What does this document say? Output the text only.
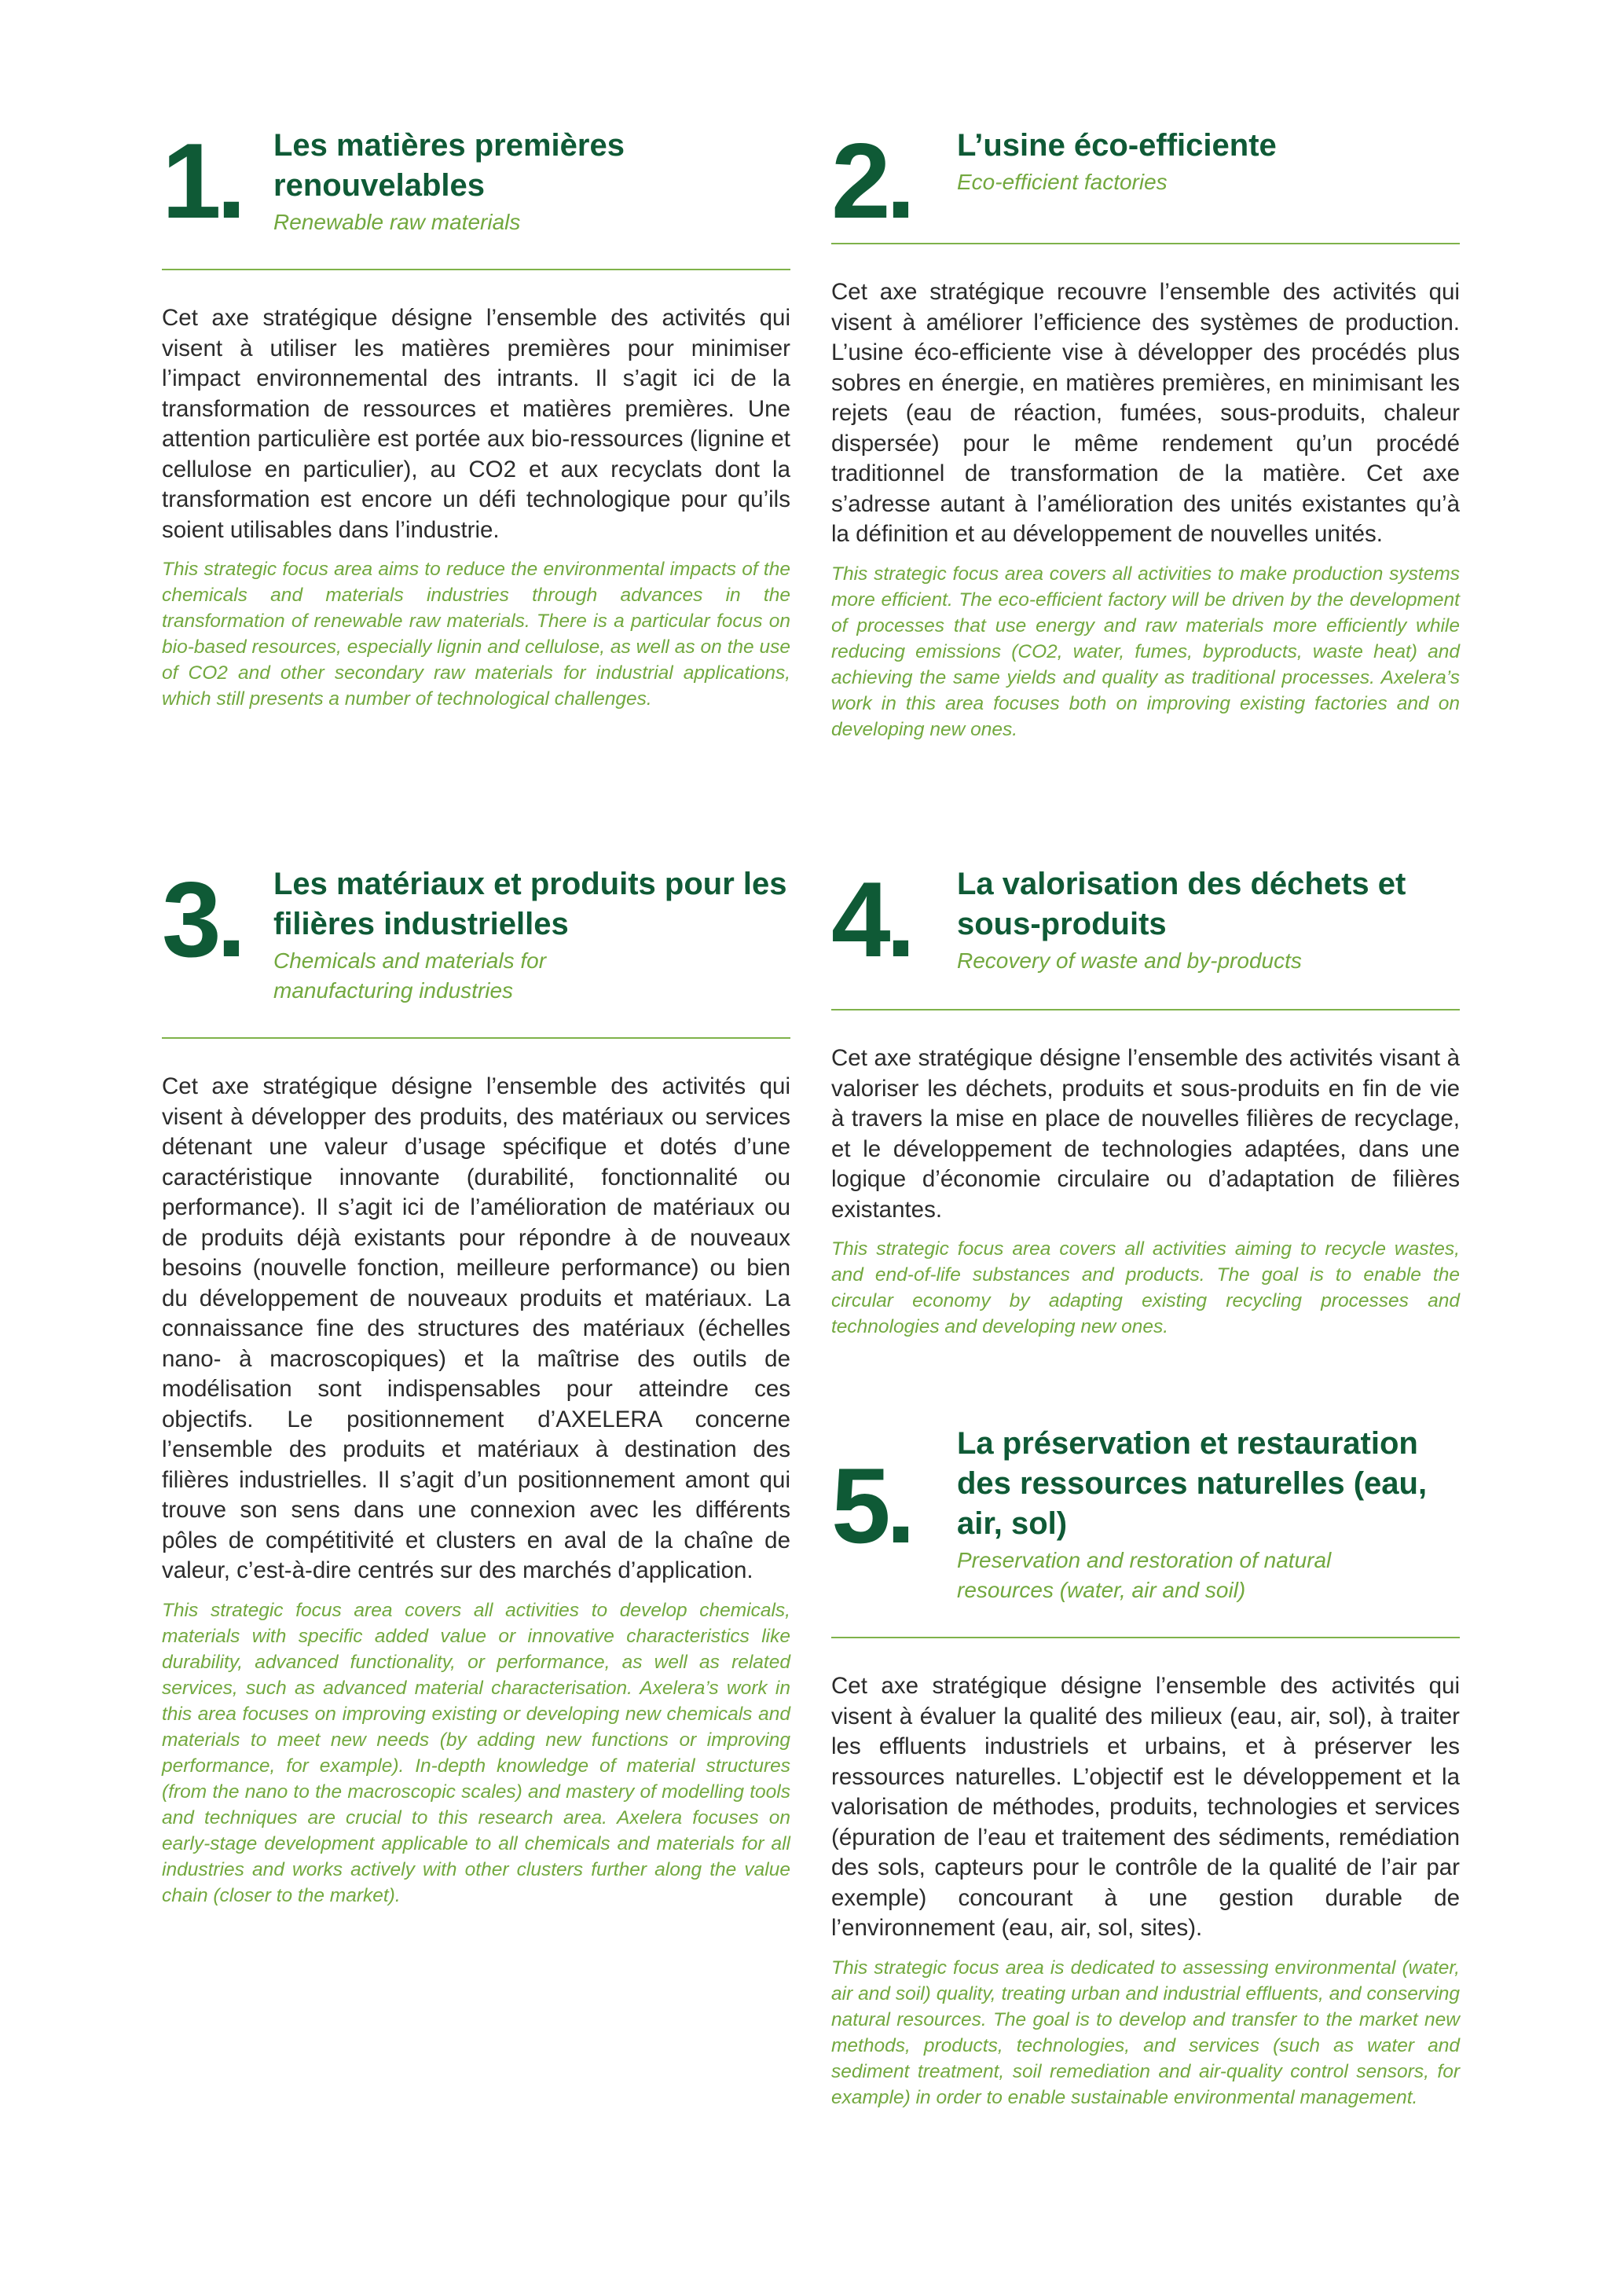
1. Les matières premières renouvelables
Renewable raw materials
Cet axe stratégique désigne l’ensemble des activités qui visent à utiliser les matières premières pour minimiser l’impact environnemental des intrants. Il s’agit ici de la transformation de ressources et matières premières. Une attention particulière est portée aux bio-ressources (lignine et cellulose en particulier), au CO2 et aux recyclats dont la transformation est encore un défi technologique pour qu’ils soient utilisables dans l’industrie.
This strategic focus area aims to reduce the environmental impacts of the chemicals and materials industries through advances in the transformation of renewable raw materials. There is a particular focus on bio-based resources, especially lignin and cellulose, as well as on the use of CO2 and other secondary raw materials for industrial applications, which still presents a number of technological challenges.
2. L’usine éco-efficiente
Eco-efficient factories
Cet axe stratégique recouvre l’ensemble des activités qui visent à améliorer l’efficience des systèmes de production. L’usine éco-efficiente vise à développer des procédés plus sobres en énergie, en matières premières, en minimisant les rejets (eau de réaction, fumées, sous-produits, chaleur dispersée) pour le même rendement qu’un procédé traditionnel de transformation de la matière. Cet axe s’adresse autant à l’amélioration des unités existantes qu’à la définition et au développement de nouvelles unités.
This strategic focus area covers all activities to make production systems more efficient. The eco-efficient factory will be driven by the development of processes that use energy and raw materials more efficiently while reducing emissions (CO2, water, fumes, byproducts, waste heat) and achieving the same yields and quality as traditional processes. Axelera’s work in this area focuses both on improving existing factories and on developing new ones.
3. Les matériaux et produits pour les filières industrielles
Chemicals and materials for manufacturing industries
Cet axe stratégique désigne l’ensemble des activités qui visent à développer des produits, des matériaux ou services détenant une valeur d’usage spécifique et dotés d’une caractéristique innovante (durabilité, fonctionnalité ou performance). Il s’agit ici de l’amélioration de matériaux ou de produits déjà existants pour répondre à de nouveaux besoins (nouvelle fonction, meilleure performance) ou bien du développement de nouveaux produits et matériaux. La connaissance fine des structures des matériaux (échelles nano- à macroscopiques) et la maîtrise des outils de modélisation sont indispensables pour atteindre ces objectifs. Le positionnement d’AXELERA concerne l’ensemble des produits et matériaux à destination des filières industrielles. Il s’agit d’un positionnement amont qui trouve son sens dans une connexion avec les différents pôles de compétitivité et clusters en aval de la chaîne de valeur, c’est-à-dire centrés sur des marchés d’application.
This strategic focus area covers all activities to develop chemicals, materials with specific added value or innovative characteristics like durability, advanced functionality, or performance, as well as related services, such as advanced material characterisation. Axelera’s work in this area focuses on improving existing or developing new chemicals and materials to meet new needs (by adding new functions or improving performance, for example). In-depth knowledge of material structures (from the nano to the macroscopic scales) and mastery of modelling tools and techniques are crucial to this research area. Axelera focuses on early-stage development applicable to all chemicals and materials for all industries and works actively with other clusters further along the value chain (closer to the market).
4. La valorisation des déchets et sous-produits
Recovery of waste and by-products
Cet axe stratégique désigne l’ensemble des activités visant à valoriser les déchets, produits et sous-produits en fin de vie à travers la mise en place de nouvelles filières de recyclage, et le développement de technologies adaptées, dans une logique d’économie circulaire ou d’adaptation de filières existantes.
This strategic focus area covers all activities aiming to recycle wastes, and end-of-life substances and products. The goal is to enable the circular economy by adapting existing recycling processes and technologies and developing new ones.
5.
La préservation et restauration des ressources naturelles (eau, air, sol)
Preservation and restoration of natural resources (water, air and soil)
Cet axe stratégique désigne l’ensemble des activités qui visent à évaluer la qualité des milieux (eau, air, sol), à traiter les effluents industriels et urbains, et à préserver les ressources naturelles. L’objectif est le développement et la valorisation de méthodes, produits, technologies et services (épuration de l’eau et traitement des sédiments, remédiation des sols, capteurs pour le contrôle de la qualité de l’air par exemple) concourant à une gestion durable de l’environnement (eau, air, sol, sites).
This strategic focus area is dedicated to assessing environmental (water, air and soil) quality, treating urban and industrial effluents, and conserving natural resources. The goal is to develop and transfer to the market new methods, products, technologies, and services (such as water and sediment treatment, soil remediation and air-quality control sensors, for example) in order to enable sustainable environmental management.
